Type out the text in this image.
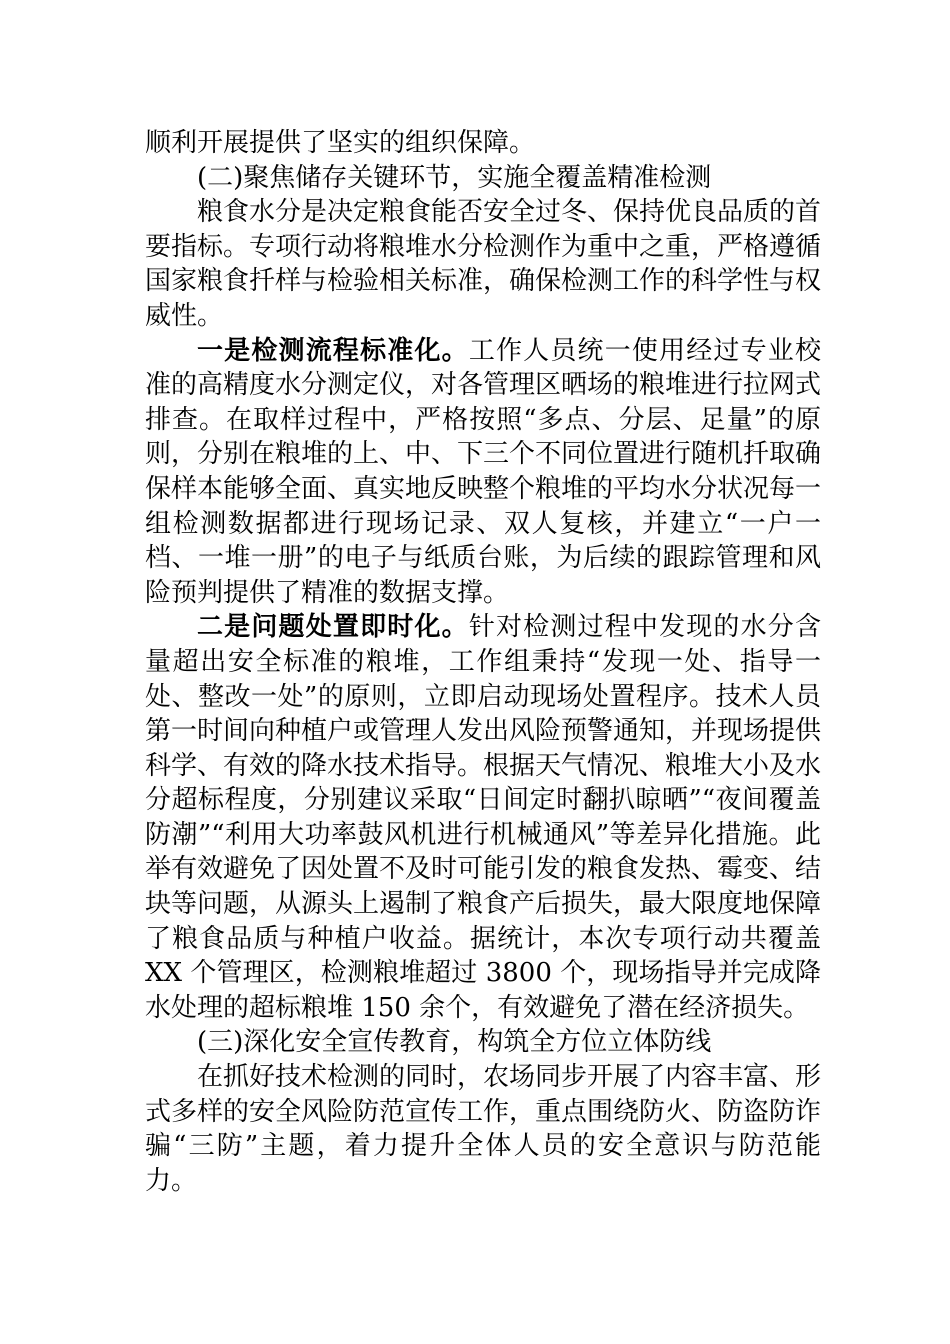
顺利开展提供了坚实的组织保障。

(二)聚焦储存关键环节，实施全覆盖精准检测

粮食水分是决定粮食能否安全过冬、保持优良品质的首要指标。专项行动将粮堆水分检测作为重中之重，严格遵循国家粮食扦样与检验相关标准，确保检测工作的科学性与权威性。

一是检测流程标准化。工作人员统一使用经过专业校准的高精度水分测定仪，对各管理区晒场的粮堆进行拉网式排查。在取样过程中，严格按照“多点、分层、足量”的原则，分别在粮堆的上、中、下三个不同位置进行随机扦取确保样本能够全面、真实地反映整个粮堆的平均水分状况每一组检测数据都进行现场记录、双人复核，并建立“一户一档、一堆一册”的电子与纸质台账，为后续的跟踪管理和风险预判提供了精准的数据支撑。

二是问题处置即时化。针对检测过程中发现的水分含量超出安全标准的粮堆，工作组秉持“发现一处、指导一处、整改一处”的原则，立即启动现场处置程序。技术人员第一时间向种植户或管理人发出风险预警通知，并现场提供科学、有效的降水技术指导。根据天气情况、粮堆大小及水分超标程度，分别建议采取“日间定时翻扒晾晒”“夜间覆盖防潮”“利用大功率鼓风机进行机械通风”等差异化措施。此举有效避免了因处置不及时可能引发的粮食发热、霉变、结块等问题，从源头上遏制了粮食产后损失，最大限度地保障了粮食品质与种植户收益。据统计，本次专项行动共覆盖 XX 个管理区，检测粮堆超过 3800 个，现场指导并完成降水处理的超标粮堆 150 余个，有效避免了潜在经济损失。

(三)深化安全宣传教育，构筑全方位立体防线

在抓好技术检测的同时，农场同步开展了内容丰富、形式多样的安全风险防范宣传工作，重点围绕防火、防盗防诈骗“三防”主题，着力提升全体人员的安全意识与防范能力。
